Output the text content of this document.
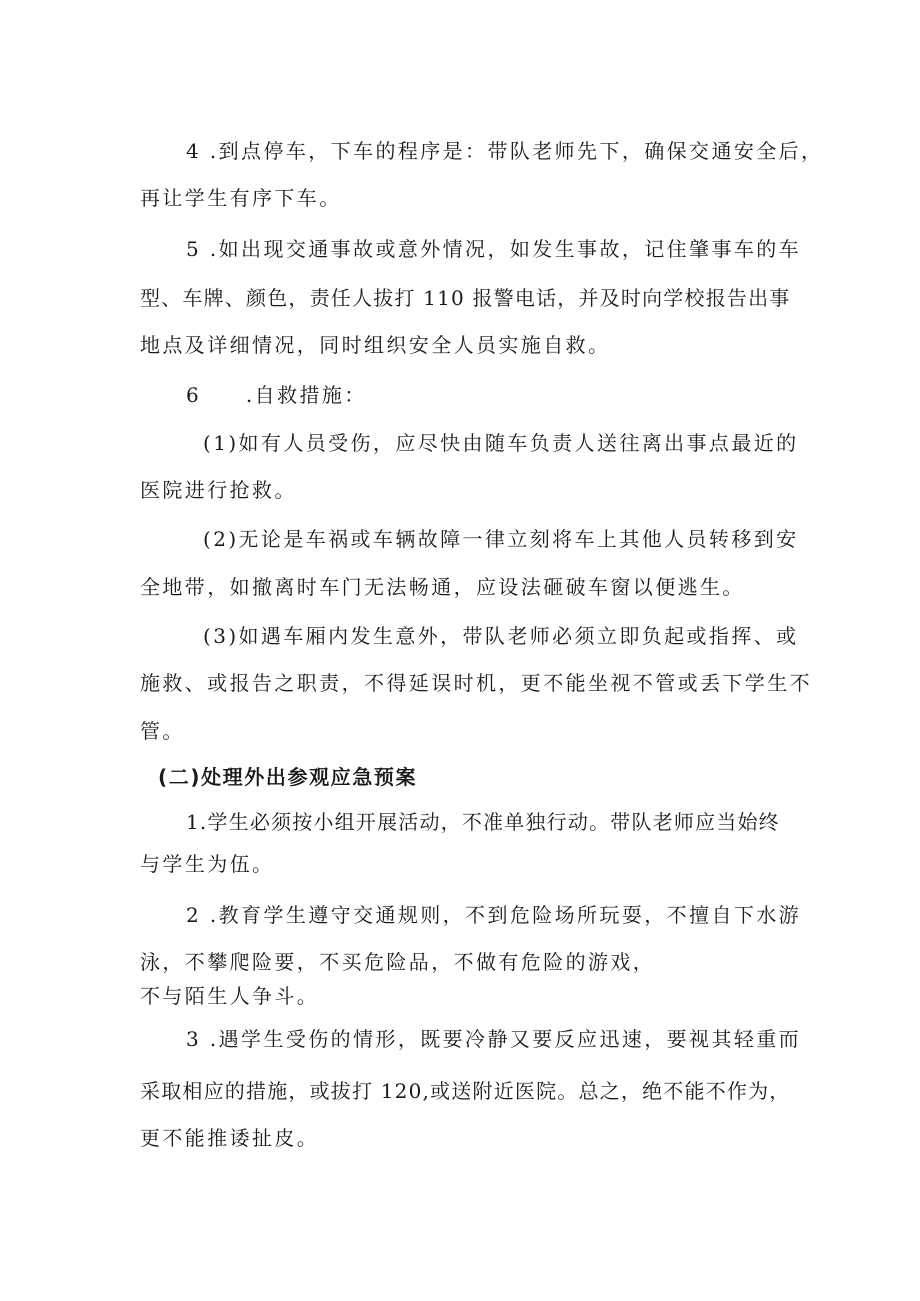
4 .到点停车，下车的程序是：带队老师先下，确保交通安全后，
再让学生有序下车。
5 .如出现交通事故或意外情况，如发生事故，记住肇事车的车
型、车牌、颜色，责任人拔打 110 报警电话，并及时向学校报告出事
地点及详细情况，同时组织安全人员实施自救。
6　　.自救措施：
(1)如有人员受伤，应尽快由随车负责人送往离出事点最近的
医院进行抢救。
(2)无论是车祸或车辆故障一律立刻将车上其他人员转移到安
全地带，如撤离时车门无法畅通，应设法砸破车窗以便逃生。
(3)如遇车厢内发生意外，带队老师必须立即负起或指挥、或
施救、或报告之职责，不得延误时机，更不能坐视不管或丢下学生不
管。
(二)处理外出参观应急预案
1.学生必须按小组开展活动，不准单独行动。带队老师应当始终
与学生为伍。
2 .教育学生遵守交通规则，不到危险场所玩耍，不擅自下水游
泳，不攀爬险要，不买危险品，不做有危险的游戏，
不与陌生人争斗。
3 .遇学生受伤的情形，既要冷静又要反应迅速，要视其轻重而
采取相应的措施，或拔打 120,或送附近医院。总之，绝不能不作为，
更不能推诿扯皮。
